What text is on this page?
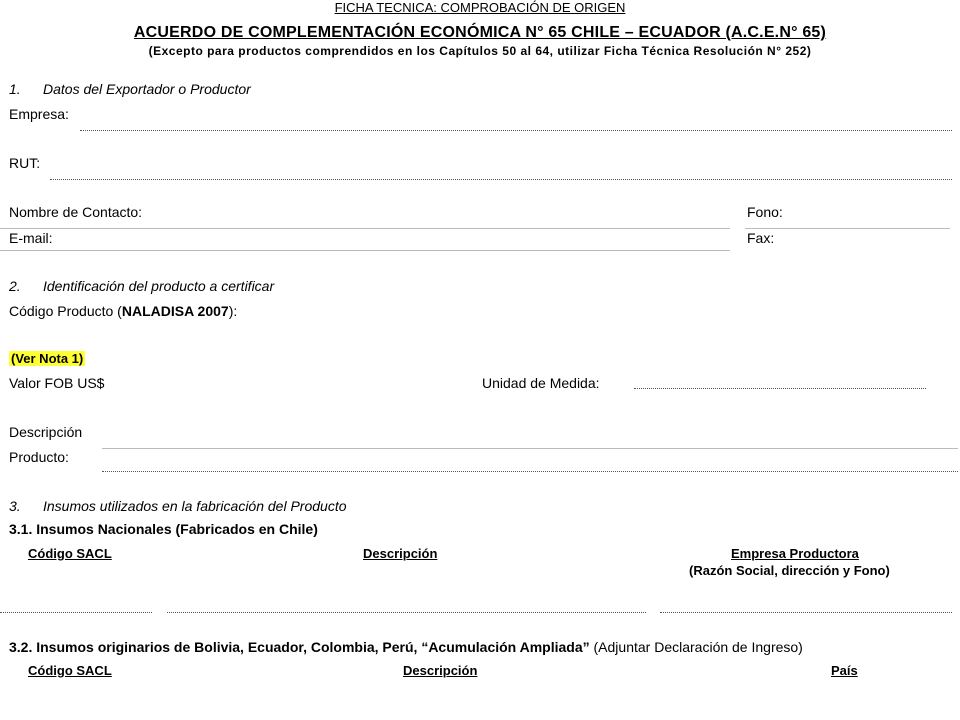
FICHA TECNICA: COMPROBACIÓN DE ORIGEN
ACUERDO DE COMPLEMENTACIÓN ECONÓMICA N° 65 CHILE – ECUADOR (A.C.E.N° 65)
(Excepto para productos comprendidos en los Capítulos 50 al 64, utilizar Ficha Técnica Resolución N° 252)
1. Datos del Exportador o Productor
Empresa:
RUT:
Nombre de Contacto:	Fono:
E-mail:	Fax:
2. Identificación del producto a certificar
Código Producto (NALADISA 2007):
(Ver Nota 1)
Valor FOB US$	Unidad de Medida:
Descripción
Producto:
3. Insumos utilizados en la fabricación del Producto
3.1. Insumos Nacionales (Fabricados en Chile)
Código SACL	Descripción	Empresa Productora
(Razón Social, dirección y Fono)
3.2. Insumos originarios de Bolivia, Ecuador, Colombia, Perú, “Acumulación Ampliada” (Adjuntar Declaración de Ingreso)
Código SACL	Descripción	País
